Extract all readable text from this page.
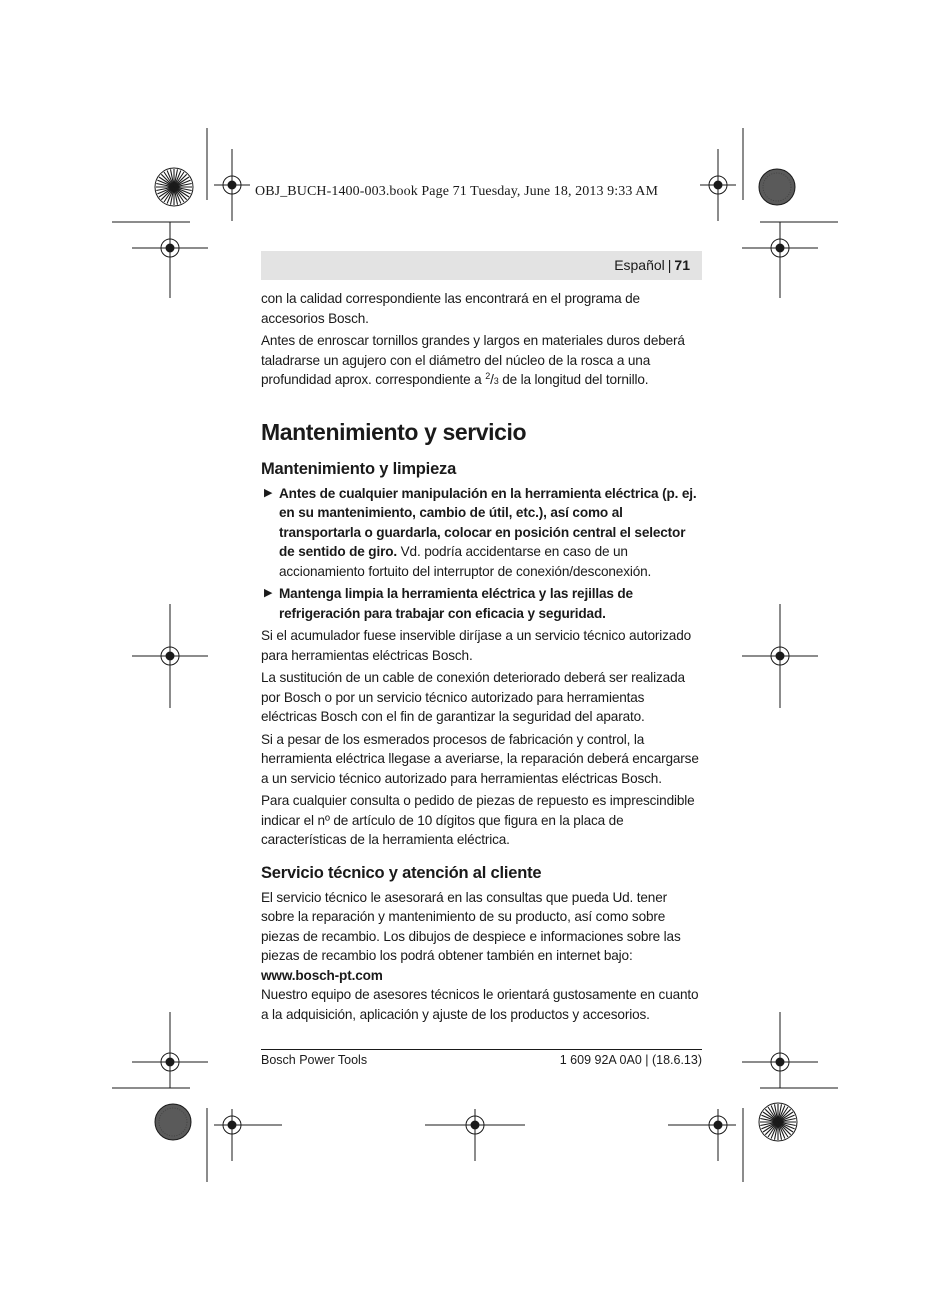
OBJ_BUCH-1400-003.book Page 71 Tuesday, June 18, 2013 9:33 AM
Español | 71

con la calidad correspondiente las encontrará en el programa de accesorios Bosch.

Antes de enroscar tornillos grandes y largos en materiales duros deberá taladrarse un agujero con el diámetro del núcleo de la rosca a una profundidad aprox. correspondiente a $^2/_3$ de la longitud del tornillo.

Mantenimiento y servicio
Mantenimiento y limpieza
▶ Antes de cualquier manipulación en la herramienta eléctrica (p. ej. en su mantenimiento, cambio de útil, etc.), así como al transportarla o guardarla, colocar en posición central el selector de sentido de giro. Vd. podría accidentarse en caso de un accionamiento fortuito del interruptor de conexión/desconexión.
▶ Mantenga limpia la herramienta eléctrica y las rejillas de refrigeración para trabajar con eficacia y seguridad.

Si el acumulador fuese inservible diríjase a un servicio técnico autorizado para herramientas eléctricas Bosch.

La sustitución de un cable de conexión deteriorado deberá ser realizada por Bosch o por un servicio técnico autorizado para herramientas eléctricas Bosch con el fin de garantizar la seguridad del aparato.

Si a pesar de los esmerados procesos de fabricación y control, la herramienta eléctrica llegase a averiarse, la reparación deberá encargarse a un servicio técnico autorizado para herramientas eléctricas Bosch.

Para cualquier consulta o pedido de piezas de repuesto es imprescindible indicar el nº de artículo de 10 dígitos que figura en la placa de características de la herramienta eléctrica.

Servicio técnico y atención al cliente

El servicio técnico le asesorará en las consultas que pueda Ud. tener sobre la reparación y mantenimiento de su producto, así como sobre piezas de recambio. Los dibujos de despiece e informaciones sobre las piezas de recambio los podrá obtener también en internet bajo:

www.bosch-pt.com

Nuestro equipo de asesores técnicos le orientará gustosamente en cuanto a la adquisición, aplicación y ajuste de los productos y accesorios.

Bosch Power Tools	1 609 92A 0A0 | (18.6.13)
